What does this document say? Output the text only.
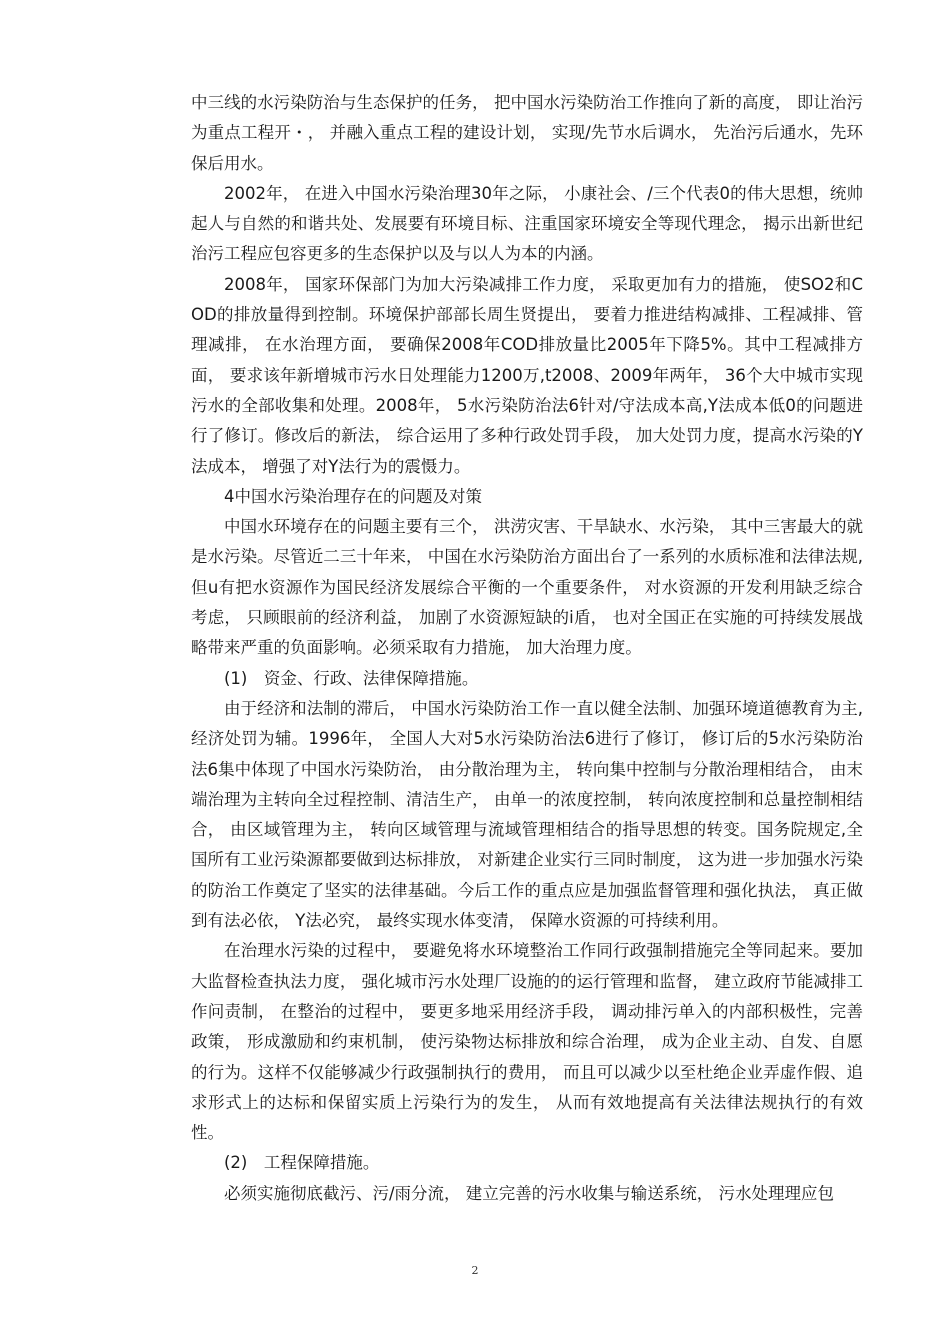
中三线的水污染防治与生态保护的任务， 把中国水污染防治工作推向了新的高度， 即让治污为重点工程开・， 并融入重点工程的建设计划， 实现/先节水后调水， 先治污后通水，先环保后用水。

2002年， 在进入中国水污染治理30年之际， 小康社会、/三个代表0的伟大思想，统帅起人与自然的和谐共处、发展要有环境目标、注重国家环境安全等现代理念， 揭示出新世纪治污工程应包容更多的生态保护以及与以人为本的内涵。

2008年， 国家环保部门为加大污染减排工作力度， 采取更加有力的措施， 使SO2和COD的排放量得到控制。环境保护部部长周生贤提出， 要着力推进结构减排、工程减排、管理减排， 在水治理方面， 要确保2008年COD排放量比2005年下降5%。其中工程减排方面， 要求该年新增城市污水日处理能力1200万,t2008、2009年两年， 36个大中城市实现污水的全部收集和处理。2008年， 5水污染防治法6针对/守法成本高,Y法成本低0的问题进行了修订。修改后的新法， 综合运用了多种行政处罚手段， 加大处罚力度，提高水污染的Y法成本， 增强了对Y法行为的震慑力。

4中国水污染治理存在的问题及对策

中国水环境存在的问题主要有三个， 洪涝灾害、干旱缺水、水污染， 其中三害最大的就是水污染。尽管近二三十年来， 中国在水污染防治方面出台了一系列的水质标准和法律法规,但u有把水资源作为国民经济发展综合平衡的一个重要条件， 对水资源的开发利用缺乏综合考虑， 只顾眼前的经济利益， 加剧了水资源短缺的i盾， 也对全国正在实施的可持续发展战略带来严重的负面影响。必须采取有力措施， 加大治理力度。

(1)　资金、行政、法律保障措施。

由于经济和法制的滞后， 中国水污染防治工作一直以健全法制、加强环境道德教育为主,经济处罚为辅。1996年， 全国人大对5水污染防治法6进行了修订， 修订后的5水污染防治法6集中体现了中国水污染防治， 由分散治理为主， 转向集中控制与分散治理相结合， 由末端治理为主转向全过程控制、清洁生产， 由单一的浓度控制， 转向浓度控制和总量控制相结合， 由区域管理为主， 转向区域管理与流域管理相结合的指导思想的转变。国务院规定,全国所有工业污染源都要做到达标排放， 对新建企业实行三同时制度， 这为进一步加强水污染的防治工作奠定了坚实的法律基础。今后工作的重点应是加强监督管理和强化执法， 真正做到有法必依， Y法必究， 最终实现水体变清， 保障水资源的可持续利用。

在治理水污染的过程中， 要避免将水环境整治工作同行政强制措施完全等同起来。要加大监督检查执法力度， 强化城市污水处理厂设施的的运行管理和监督， 建立政府节能减排工作问责制， 在整治的过程中， 要更多地采用经济手段， 调动排污单入的内部积极性，完善政策， 形成激励和约束机制， 使污染物达标排放和综合治理， 成为企业主动、自发、自愿的行为。这样不仅能够减少行政强制执行的费用， 而且可以减少以至杜绝企业弄虚作假、追求形式上的达标和保留实质上污染行为的发生， 从而有效地提高有关法律法规执行的有效性。

(2)　工程保障措施。

必须实施彻底截污、污/雨分流， 建立完善的污水收集与输送系统， 污水处理理应包

2
